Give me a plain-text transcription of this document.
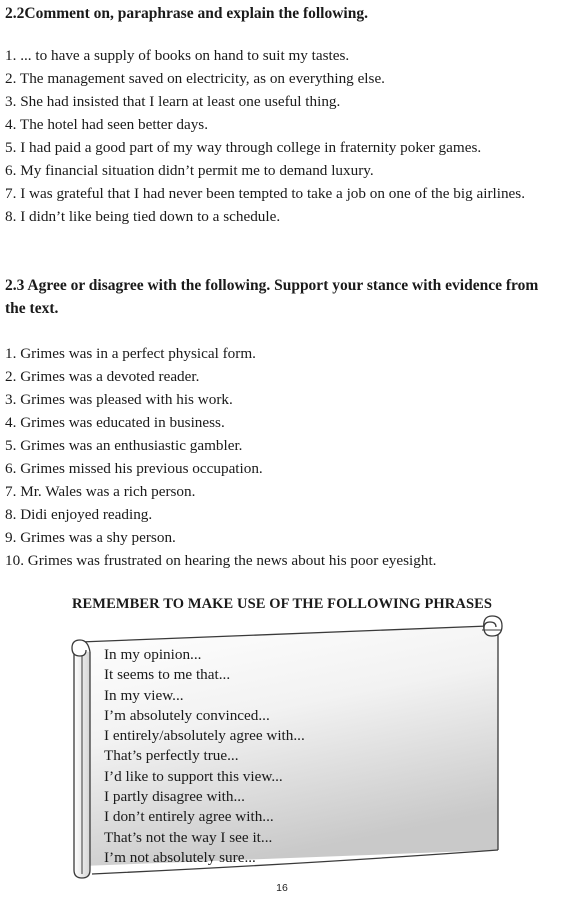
2.2Comment on, paraphrase and explain the following.
1. ... to have a supply of books on hand to suit my tastes.
2. The management saved on electricity, as on everything else.
3. She had insisted that I learn at least one useful thing.
4. The hotel had seen better days.
5. I had paid a good part of my way through college in fraternity poker games.
6. My financial situation didn’t permit me to demand luxury.
7. I was grateful that I had never been tempted to take a job on one of the big airlines.
8. I didn’t like being tied down to a schedule.
2.3 Agree or disagree with the following. Support your stance with evidence from the text.
1. Grimes was in a perfect physical form.
2. Grimes was a devoted reader.
3. Grimes was pleased with his work.
4. Grimes was educated in business.
5. Grimes was an enthusiastic gambler.
6. Grimes missed his previous occupation.
7. Mr. Wales was a rich person.
8. Didi enjoyed reading.
9. Grimes was a shy person.
10. Grimes was frustrated on hearing the news about his poor eyesight.

REMEMBER TO MAKE USE OF THE FOLLOWING PHRASES

In my opinion...
It seems to me that...
In my view...
I’m absolutely convinced...
I entirely/absolutely agree with...
That’s perfectly true...
I’d like to support this view...
I partly disagree with...
I don’t entirely agree with...
That’s not the way I see it...
I’m not absolutely sure...
16
